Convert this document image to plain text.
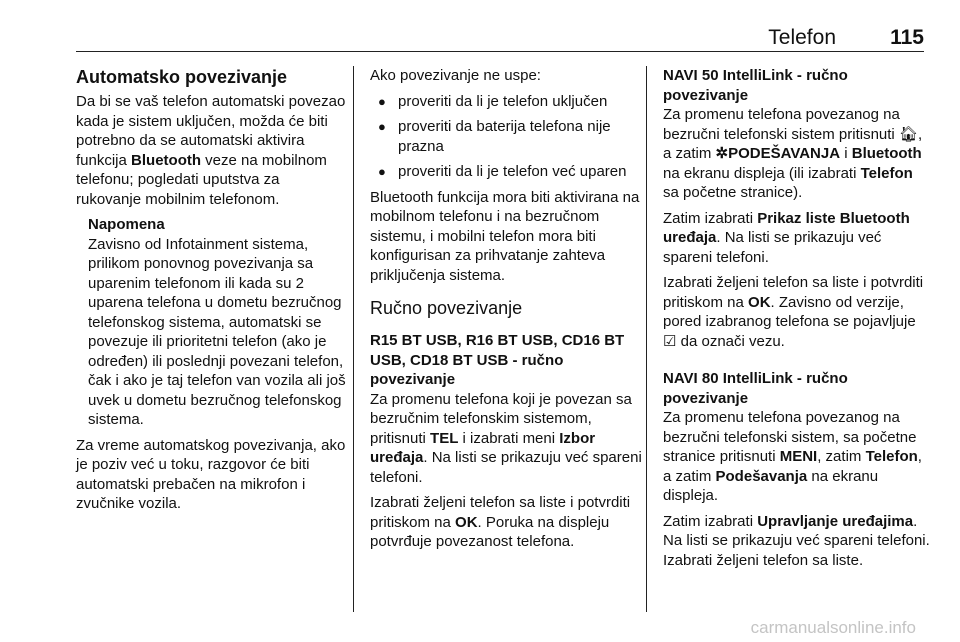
Telefon	115
Automatsko povezivanje

Da bi se vaš telefon automatski povezao kada je sistem uključen, možda će biti potrebno da se automatski aktivira funkcija Bluetooth veze na mobilnom telefonu; pogledati uputstva za rukovanje mobilnim telefonom.

Napomena
Zavisno od Infotainment sistema, prilikom ponovnog povezivanja sa uparenim telefonom ili kada su 2 uparena telefona u dometu bezručnog telefonskog sistema, automatski se povezuje ili prioritetni telefon (ako je određen) ili poslednji povezani telefon, čak i ako je taj telefon van vozila ali još uvek u dometu bezručnog telefonskog sistema.

Za vreme automatskog povezivanja, ako je poziv već u toku, razgovor će biti automatski prebačen na mikrofon i zvučnike vozila.

Ako povezivanje ne uspe:

● proveriti da li je telefon uključen
● proveriti da baterija telefona nije prazna
● proveriti da li je telefon već uparen

Bluetooth funkcija mora biti aktivirana na mobilnom telefonu i na bezručnom sistemu, i mobilni telefon mora biti konfigurisan za prihvatanje zahteva priključenja sistema.

Ručno povezivanje

R15 BT USB, R16 BT USB, CD16 BT USB, CD18 BT USB - ručno povezivanje

Za promenu telefona koji je povezan sa bezručnim telefonskim sistemom, pritisnuti TEL i izabrati meni Izbor uređaja. Na listi se prikazuju već spareni telefoni.

Izabrati željeni telefon sa liste i potvrditi pritiskom na OK. Poruka na displeju potvrđuje povezanost telefona.

NAVI 50 IntelliLink - ručno povezivanje

Za promenu telefona povezanog na bezručni telefonski sistem pritisnuti 🏠︎, a zatim ✲PODEŠAVANJA i Bluetooth na ekranu displeja (ili izabrati Telefon sa početne stranice).

Zatim izabrati Prikaz liste Bluetooth uređaja. Na listi se prikazuju već spareni telefoni.

Izabrati željeni telefon sa liste i potvrditi pritiskom na OK. Zavisno od verzije, pored izabranog telefona se pojavljuje ☑ da označi vezu.

NAVI 80 IntelliLink - ručno povezivanje

Za promenu telefona povezanog na bezručni telefonski sistem, sa početne stranice pritisnuti MENI, zatim Telefon, a zatim Podešavanja na ekranu displeja.

Zatim izabrati Upravljanje uređajima. Na listi se prikazuju već spareni telefoni. Izabrati željeni telefon sa liste.

carmanualsonline.info
